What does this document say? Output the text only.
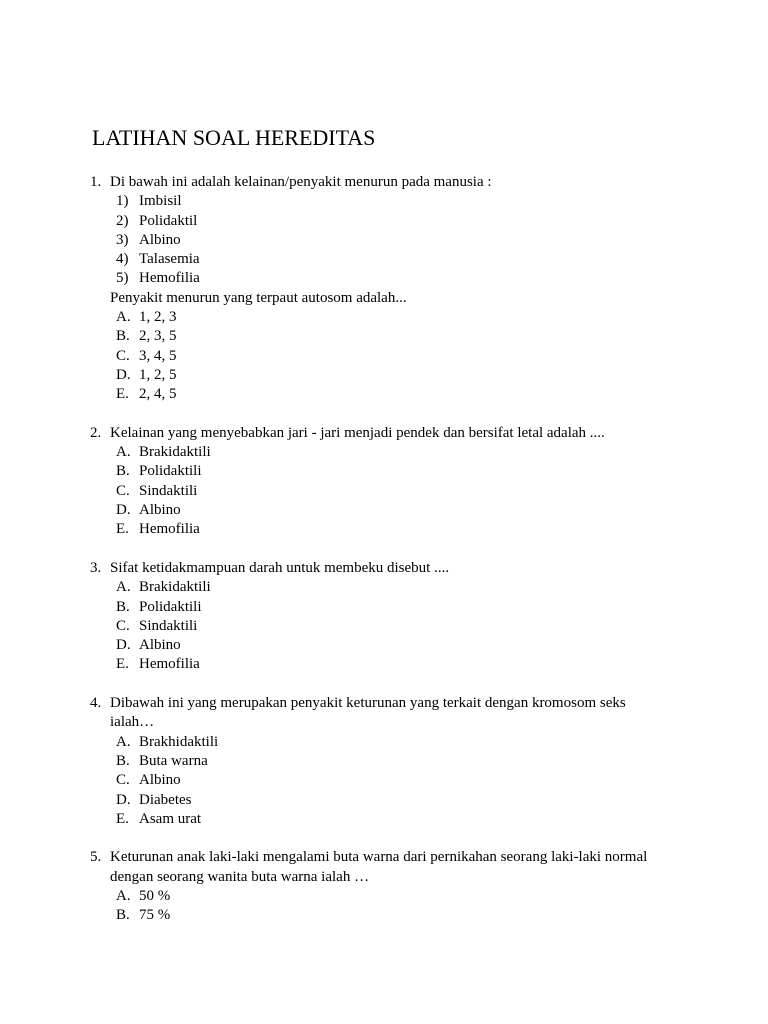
LATIHAN SOAL HEREDITAS
1. Di bawah ini adalah kelainan/penyakit menurun pada manusia :
1) Imbisil
2) Polidaktil
3) Albino
4) Talasemia
5) Hemofilia
Penyakit menurun yang terpaut autosom adalah...
A. 1, 2, 3
B. 2, 3, 5
C. 3, 4, 5
D. 1, 2, 5
E. 2, 4, 5
2. Kelainan yang menyebabkan jari - jari menjadi pendek dan bersifat letal adalah ....
A. Brakidaktili
B. Polidaktili
C. Sindaktili
D. Albino
E. Hemofilia
3. Sifat ketidakmampuan darah untuk membeku disebut ....
A. Brakidaktili
B. Polidaktili
C. Sindaktili
D. Albino
E. Hemofilia
4. Dibawah ini yang merupakan penyakit keturunan yang terkait dengan kromosom seks
ialah…
A. Brakhidaktili
B. Buta warna
C. Albino
D. Diabetes
E. Asam urat
5. Keturunan anak laki-laki mengalami buta warna dari pernikahan seorang laki-laki normal
dengan seorang wanita buta warna ialah …
A. 50 %
B. 75 %
